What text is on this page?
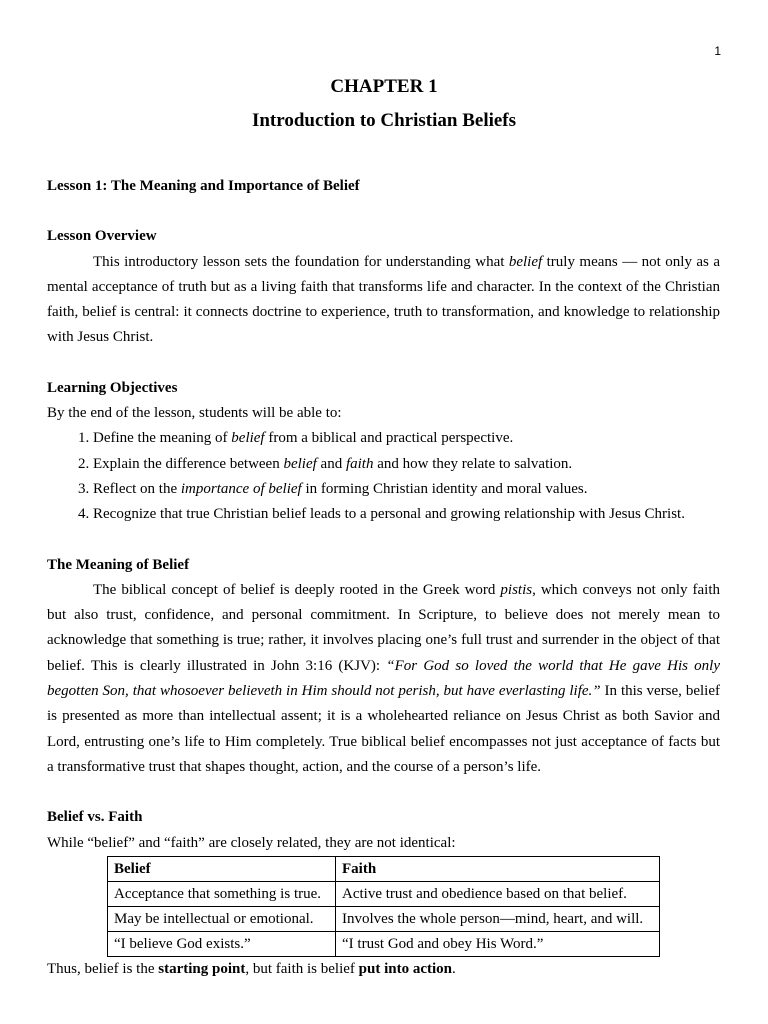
1
CHAPTER 1
Introduction to Christian Beliefs

Lesson 1: The Meaning and Importance of Belief

Lesson Overview

This introductory lesson sets the foundation for understanding what belief truly means — not only as a mental acceptance of truth but as a living faith that transforms life and character. In the context of the Christian faith, belief is central: it connects doctrine to experience, truth to transformation, and knowledge to relationship with Jesus Christ.

Learning Objectives

By the end of the lesson, students will be able to:

1. Define the meaning of belief from a biblical and practical perspective.
2. Explain the difference between belief and faith and how they relate to salvation.
3. Reflect on the importance of belief in forming Christian identity and moral values.
4. Recognize that true Christian belief leads to a personal and growing relationship with Jesus Christ.

The Meaning of Belief

The biblical concept of belief is deeply rooted in the Greek word pistis, which conveys not only faith but also trust, confidence, and personal commitment. In Scripture, to believe does not merely mean to acknowledge that something is true; rather, it involves placing one’s full trust and surrender in the object of that belief. This is clearly illustrated in John 3:16 (KJV): “For God so loved the world that He gave His only begotten Son, that whosoever believeth in Him should not perish, but have everlasting life.” In this verse, belief is presented as more than intellectual assent; it is a wholehearted reliance on Jesus Christ as both Savior and Lord, entrusting one’s life to Him completely. True biblical belief encompasses not just acceptance of facts but a transformative trust that shapes thought, action, and the course of a person’s life.

Belief vs. Faith

While “belief” and “faith” are closely related, they are not identical:

Belief	Faith
Acceptance that something is true.	Active trust and obedience based on that belief.
May be intellectual or emotional.	Involves the whole person—mind, heart, and will.
“I believe God exists.”	“I trust God and obey His Word.”

Thus, belief is the starting point, but faith is belief put into action.
